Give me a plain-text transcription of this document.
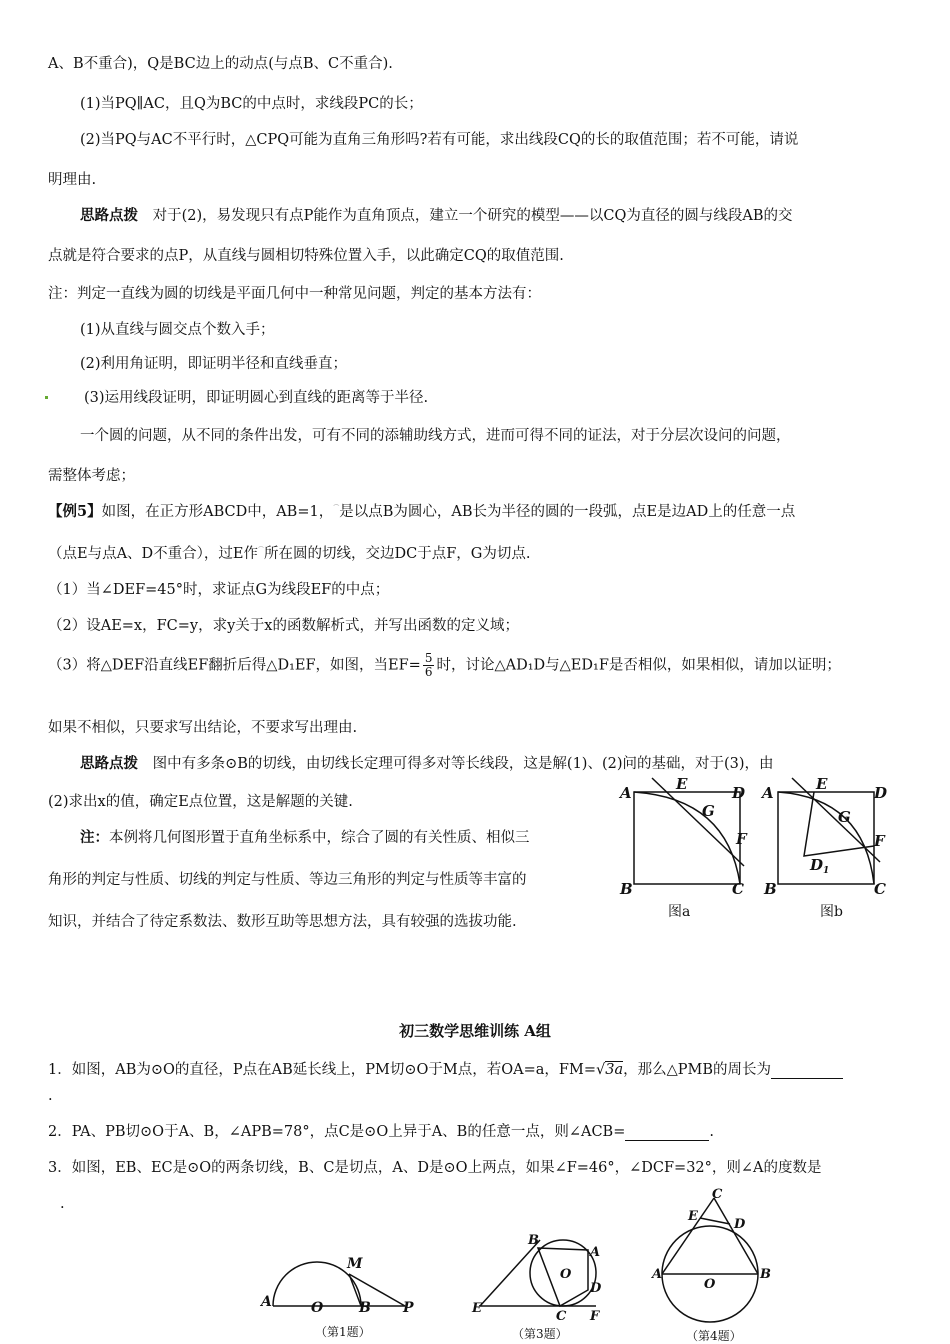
A、B不重合)，Q是BC边上的动点(与点B、C不重合).
(1)当PQ∥AC，且Q为BC的中点时，求线段PC的长；
(2)当PQ与AC不平行时，△CPQ可能为直角三角形吗?若有可能，求出线段CQ的长的取值范围；若不可能，请说
明理由.
思路点拨 对于(2)，易发现只有点P能作为直角顶点，建立一个研究的模型——以CQ为直径的圆与线段AB的交
点就是符合要求的点P，从直线与圆相切特殊位置入手，以此确定CQ的取值范围.
注：判定一直线为圆的切线是平面几何中一种常见问题，判定的基本方法有：
(1)从直线与圆交点个数入手；
(2)利用角证明，即证明半径和直线垂直；
(3)运用线段证明，即证明圆心到直线的距离等于半径.
一个圆的问题，从不同的条件出发，可有不同的添辅助线方式，进而可得不同的证法，对于分层次设问的问题，
需整体考虑；
【例5】如图，在正方形ABCD中，AB=1，⌒是以点B为圆心，AB长为半径的圆的一段弧，点E是边AD上的任意一点
（点E与点A、D不重合），过E作⌒所在圆的切线，交边DC于点F，G为切点.
（1）当∠DEF=45°时，求证点G为线段EF的中点；
（2）设AE=x，FC=y，求y关于x的函数解析式，并写出函数的定义域；
（3）将△DEF沿直线EF翻折后得△D₁EF，如图，当$EF= \frac{5}{6}$ 时，讨论△AD₁D与△ED₁F是否相似，如果相似，请加以证明；
如果不相似，只要求写出结论，不要求写出理由.
思路点拨 图中有多条⊙B的切线，由切线长定理可得多对等长线段，这是解(1)、(2)问的基础，对于(3)，由
(2)求出x的值，确定E点位置，这是解题的关键.
注：本例将几何图形置于直角坐标系中，综合了圆的有关性质、相似三
角形的判定与性质、切线的判定与性质、等边三角形的判定与性质等丰富的
知识，并结合了待定系数法、数形互助等思想方法，具有较强的选拔功能.
A	E	D
G
F
B	C
图a
A	E	D
G
F
$D_1$
B	C
图b
初三数学思维训练 A组
1．如图，AB为⊙O的直径，P点在AB延长线上，PM切⊙O于M点，若OA=a，FM=√3a，那么△PMB的周长为
.
2．PA、PB切⊙O于A、B，∠APB=78°，点C是⊙O上异于A、B的任意一点，则∠ACB=	.
3．如图，EB、EC是⊙O的两条切线，B、C是切点，A、D是⊙O上两点，如果∠F=46°，∠DCF=32°，则∠A的度数是
.
A	O	B P
M
（第1题）
B
A
O
D
E
C F
（第3题）
C
E
D
A
O
B
（第4题）
